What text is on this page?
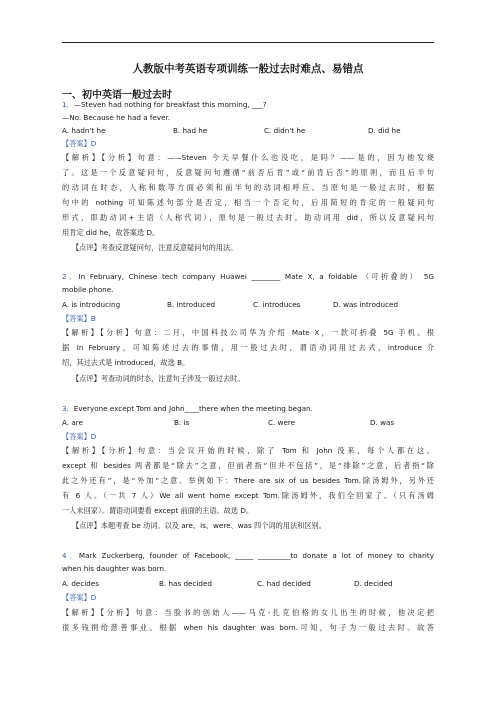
人教版中考英语专项训练一般过去时难点、易错点
一、初中英语一般过去时
1．—Steven had nothing for breakfast this morning, ___?
—No. Because he had a fever.
A. hadn't he	B. had he	C. didn't he	D. did he
【答案】D
【解析】【分析】句意：——Steven 今天早餐什么也没吃，是吗？——是的，因为他发烧
了。这是一个反意疑问句，反意疑问句遵循“前否后肯”或“前肯后否”的原则，而且后半句
的动词在时态，人称和数等方面必须和前半句的动词相呼应。当原句是一般过去时，根据
句中的 nothing 可知陈述句部分是否定，相当一个否定句，后用简短的肯定的一般疑问句
形式，即助动词+主语（人称代词），原句是一般过去时，助动词用 did，所以反意疑问句
用肯定 did he，故答案选 D。
【点评】考查反意疑问句，注意反意疑问句的用法。
2．In February, Chinese tech company Huawei ________ Mate X, a foldable （可折叠的） 5G
mobile phone.
A. is introducing	B. introduced	C. introduces	D. was introduced
【答案】B
【解析】【分析】句意：二月，中国科技公司华为介绍 Mate X，一款可折叠 5G 手机。根
据 In February，可知陈述过去的事情，用一般过去时，谓语动词用过去式，introduce 介
绍，其过去式是 introduced，故选 B。
【点评】考查动词的时态，注意句子涉及一般过去时。
3．Everyone except Tom and John____there when the meeting began.
A. are	B. is	C. were	D. was
【答案】D
【解析】【分析】句意：当会议开始的时候，除了 Tom 和 John 没来，每个人都在这。
except 和 besides 两者都是“除去”之意，但前者指“但并不包括”，是“排除”之意，后者指“除
此之外还有”，是“外加”之意。举例如下：There are six of us besides Tom.除汤姆外，另外还
有 6 人。（一共 7 人）We all went home except Tom.除汤姆外，我们全回家了。（只有汤姆
一人未回家）。谓语动词要看 except 前面的主语。故选 D。
【点评】本题考查 be 动词。以及 are、is、were、was 四个词的用法和区别。
4．Mark Zuckerberg, founder of Facebook, _____ _________to donate a lot of money to charity
when his daughter was born.
A. decides	B. has decided	C. had decided	D. decided
【答案】D
【解析】【分析】句意：当脸书的创始人——马克-扎克伯格的女儿出生的时候，他决定把
很多钱捐给慈善事业。根据 when his daughter was born.可知，句子为一般过去时。故答
